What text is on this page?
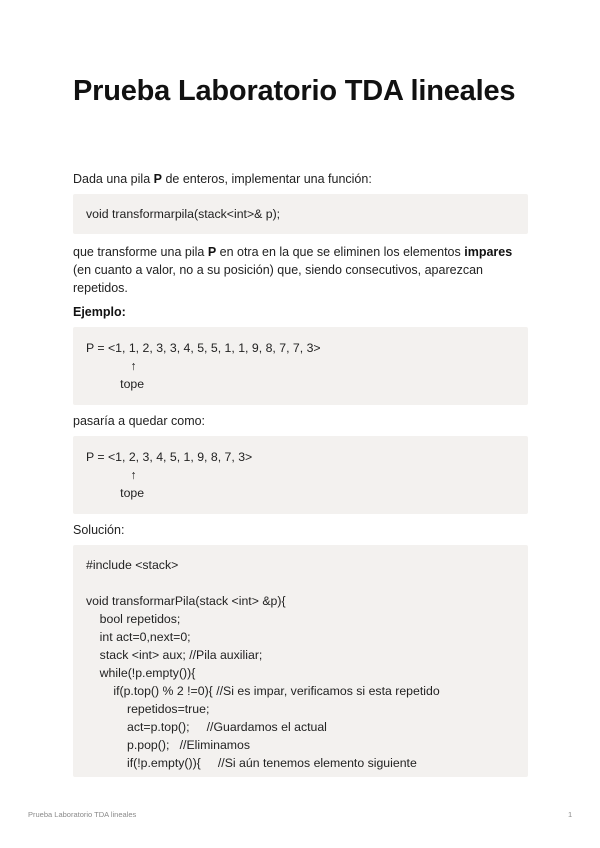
Prueba Laboratorio TDA lineales

Dada una pila P de enteros, implementar una función:

void transformarpila(stack<int>& p);

que transforme una pila P en otra en la que se eliminen los elementos impares (en cuanto a valor, no a su posición) que, siendo consecutivos, aparezcan repetidos.

Ejemplo:

P = <1, 1, 2, 3, 3, 4, 5, 5, 1, 1, 9, 8, 7, 7, 3>
↑
tope

pasaría a quedar como:

P = <1, 2, 3, 4, 5, 1, 9, 8, 7, 3>
↑
tope

Solución:

#include <stack>
void transformarPila(stack <int> &p){
bool repetidos;
int act=0,next=0;
stack <int> aux; //Pila auxiliar;
while(!p.empty()){
if(p.top() % 2 !=0){ //Si es impar, verificamos si esta repetido
repetidos=true;
act=p.top();     //Guardamos el actual
p.pop();   //Eliminamos
if(!p.empty()){     //Si aún tenemos elemento siguiente
Prueba Laboratorio TDA lineales	1
